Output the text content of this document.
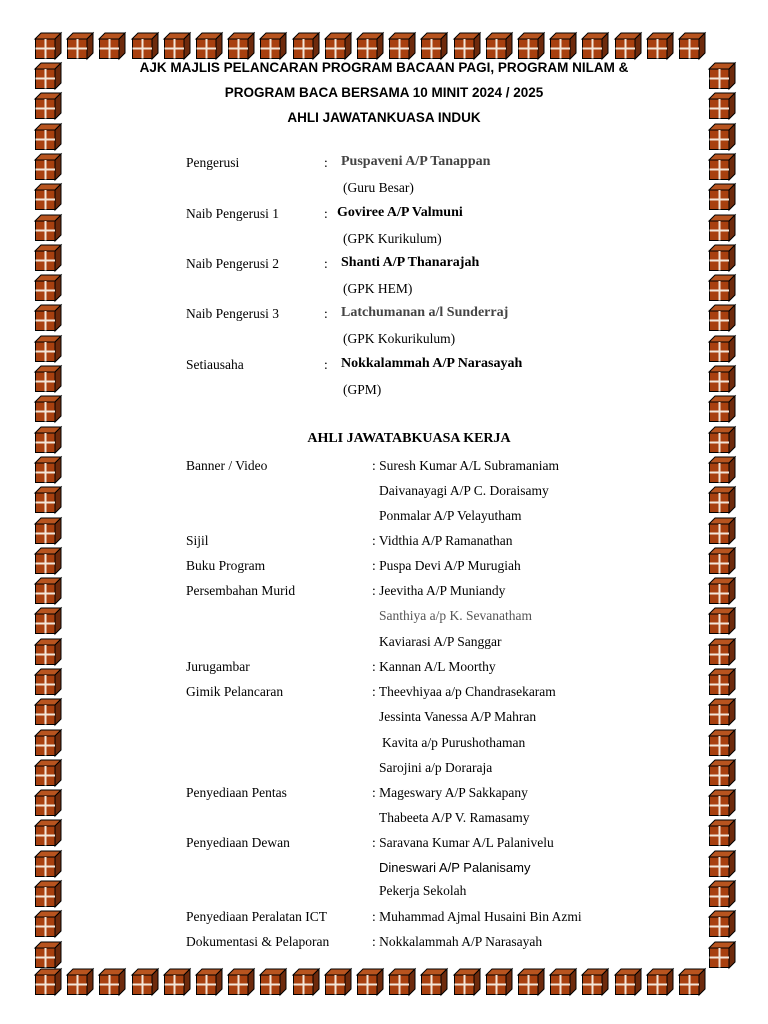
AJK MAJLIS PELANCARAN PROGRAM BACAAN PAGI, PROGRAM NILAM &
PROGRAM BACA BERSAMA 10 MINIT 2024 / 2025
AHLI JAWATANKUASA INDUK
Pengerusi	: Puspaveni A/P Tanappan
(Guru Besar)
Naib Pengerusi 1	: Goviree A/P Valmuni
(GPK Kurikulum)
Naib Pengerusi 2	: Shanti A/P Thanarajah
(GPK HEM)
Naib Pengerusi 3	: Latchumanan a/l Sunderraj
(GPK Kokurikulum)
Setiausaha	: Nokkalammah A/P Narasayah
(GPM)
AHLI JAWATABKUASA KERJA
Banner / Video	: Suresh Kumar A/L Subramaniam
Daivanayagi A/P C. Doraisamy
Ponmalar A/P Velayutham
Sijil	: Vidthia A/P Ramanathan
Buku Program	: Puspa Devi A/P Murugiah
Persembahan Murid	: Jeevitha A/P Muniandy
Santhiya a/p K. Sevanatham
Kaviarasi A/P Sanggar
Jurugambar	: Kannan A/L Moorthy
Gimik Pelancaran	: Theevhiyaa a/p Chandrasekaram
Jessinta Vanessa A/P Mahran
Kavita a/p Purushothaman
Sarojini a/p Doraraja
Penyediaan Pentas	: Mageswary A/P Sakkapany
Thabeeta A/P V. Ramasamy
Penyediaan Dewan	: Saravana Kumar A/L Palanivelu
Dineswari A/P Palanisamy
Pekerja Sekolah
Penyediaan Peralatan ICT	: Muhammad Ajmal Husaini Bin Azmi
Dokumentasi & Pelaporan	: Nokkalammah A/P Narasayah
